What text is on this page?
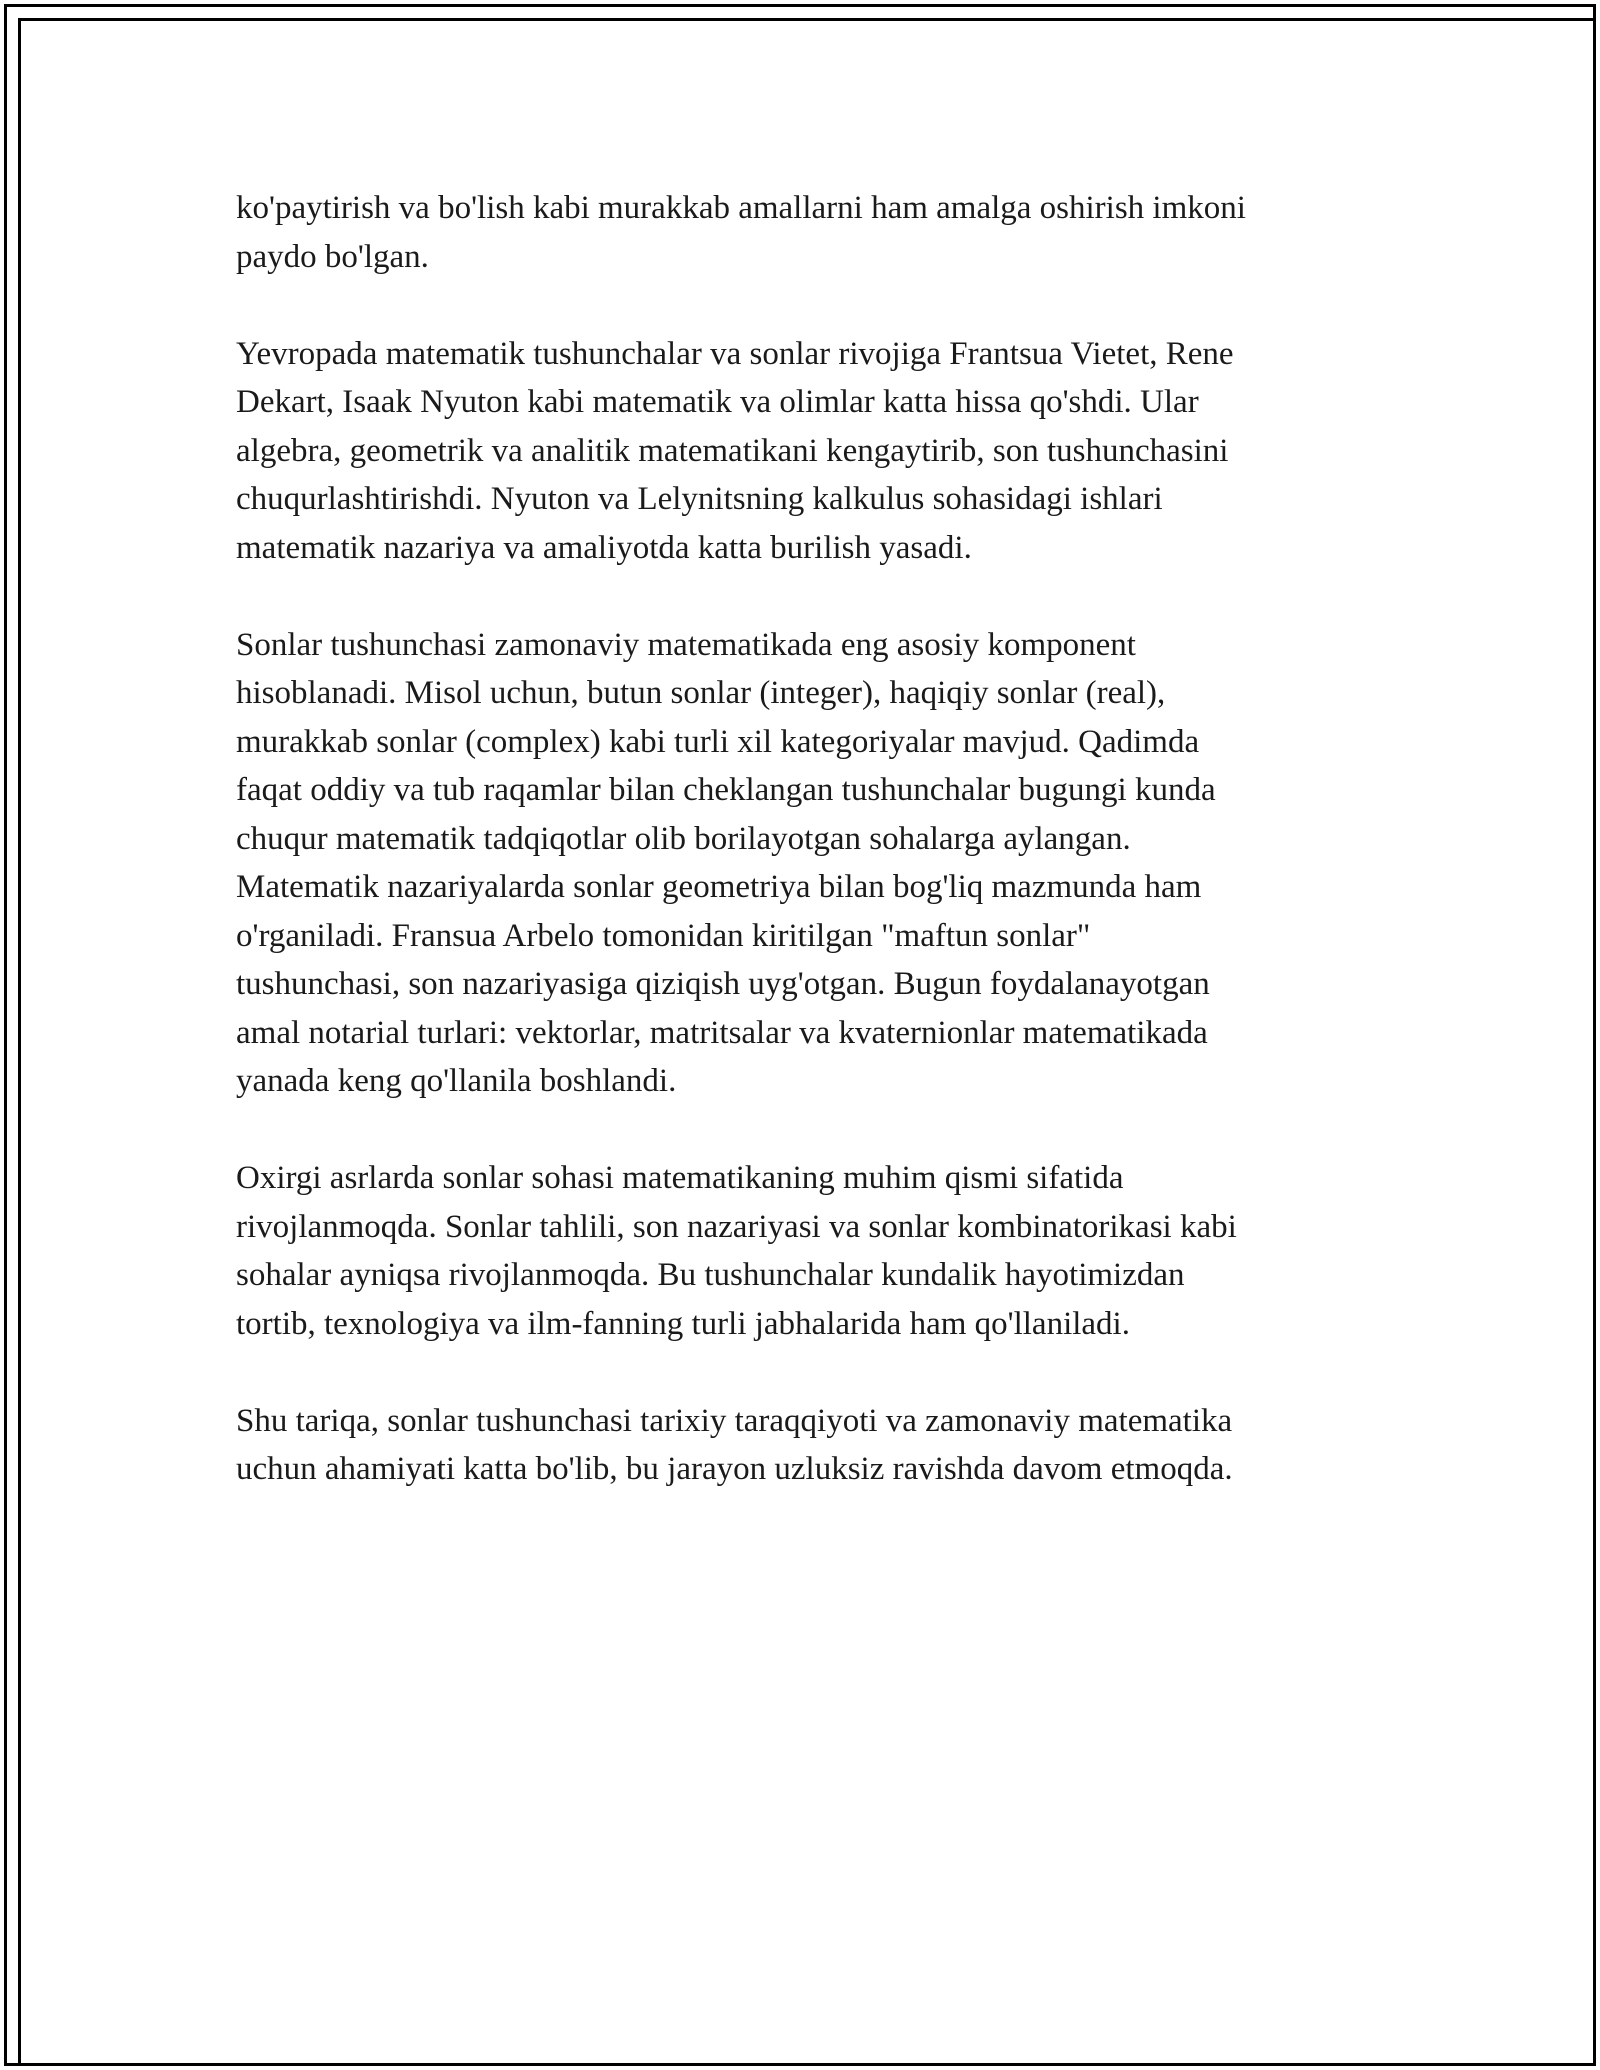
ko'paytirish va bo'lish kabi murakkab amallarni ham amalga oshirish imkoni
paydo bo'lgan.

Yevropada matematik tushunchalar va sonlar rivojiga Frantsua Vietet, Rene
Dekart, Isaak Nyuton kabi matematik va olimlar katta hissa qo'shdi. Ular
algebra, geometrik va analitik matematikani kengaytirib, son tushunchasini
chuqurlashtirishdi. Nyuton va Lelynitsning kalkulus sohasidagi ishlari
matematik nazariya va amaliyotda katta burilish yasadi.

Sonlar tushunchasi zamonaviy matematikada eng asosiy komponent
hisoblanadi. Misol uchun, butun sonlar (integer), haqiqiy sonlar (real),
murakkab sonlar (complex) kabi turli xil kategoriyalar mavjud. Qadimda
faqat oddiy va tub raqamlar bilan cheklangan tushunchalar bugungi kunda
chuqur matematik tadqiqotlar olib borilayotgan sohalarga aylangan.
Matematik nazariyalarda sonlar geometriya bilan bog'liq mazmunda ham
o'rganiladi. Fransua Arbelo tomonidan kiritilgan "maftun sonlar"
tushunchasi, son nazariyasiga qiziqish uyg'otgan. Bugun foydalanayotgan
amal notarial turlari: vektorlar, matritsalar va kvaternionlar matematikada
yanada keng qo'llanila boshlandi.

Oxirgi asrlarda sonlar sohasi matematikaning muhim qismi sifatida
rivojlanmoqda. Sonlar tahlili, son nazariyasi va sonlar kombinatorikasi kabi
sohalar ayniqsa rivojlanmoqda. Bu tushunchalar kundalik hayotimizdan
tortib, texnologiya va ilm-fanning turli jabhalarida ham qo'llaniladi.

Shu tariqa, sonlar tushunchasi tarixiy taraqqiyoti va zamonaviy matematika
uchun ahamiyati katta bo'lib, bu jarayon uzluksiz ravishda davom etmoqda.
